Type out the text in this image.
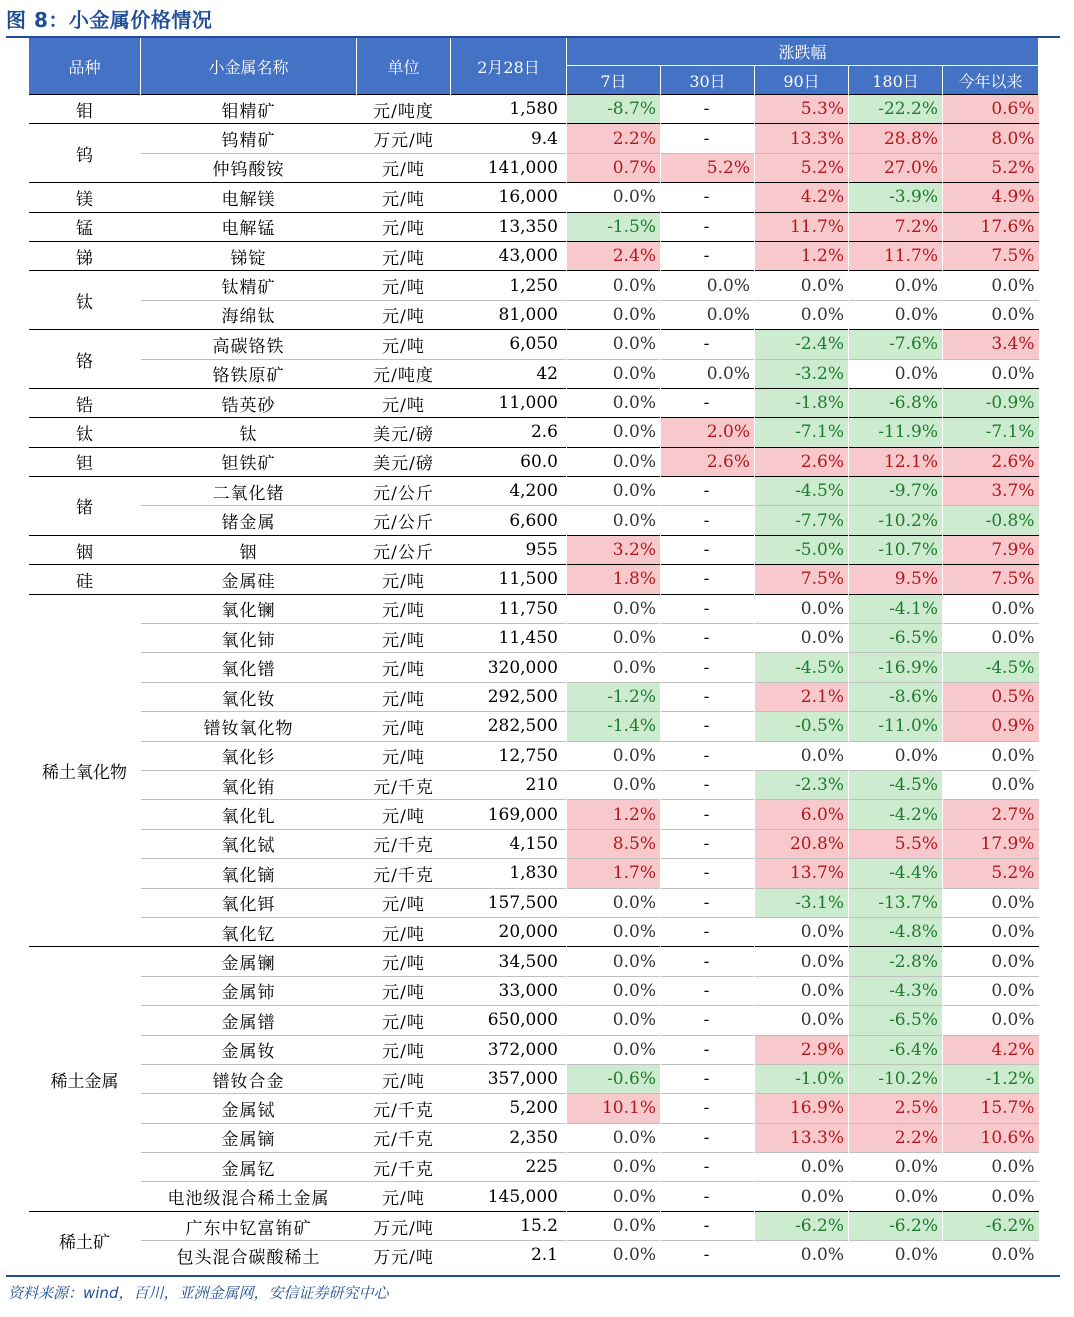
图 8：小金属价格情况
品种	小金属名称	单位	2月28日	涨跌幅				
				7日	30日	90日	180日	今年以来
钼	钼精矿	元/吨度	1,580	-8.7%	-	5.3%	-22.2%	0.6%
钨	钨精矿	万元/吨	9.4	2.2%	-	13.3%	28.8%	8.0%
	仲钨酸铵	元/吨	141,000	0.7%	5.2%	5.2%	27.0%	5.2%
镁	电解镁	元/吨	16,000	0.0%	-	4.2%	-3.9%	4.9%
锰	电解锰	元/吨	13,350	-1.5%	-	11.7%	7.2%	17.6%
锑	锑锭	元/吨	43,000	2.4%	-	1.2%	11.7%	7.5%
钛	钛精矿	元/吨	1,250	0.0%	0.0%	0.0%	0.0%	0.0%
	海绵钛	元/吨	81,000	0.0%	0.0%	0.0%	0.0%	0.0%
铬	高碳铬铁	元/吨	6,050	0.0%	-	-2.4%	-7.6%	3.4%
	铬铁原矿	元/吨度	42	0.0%	0.0%	-3.2%	0.0%	0.0%
锆	锆英砂	元/吨	11,000	0.0%	-	-1.8%	-6.8%	-0.9%
钛	钛	美元/磅	2.6	0.0%	2.0%	-7.1%	-11.9%	-7.1%
钽	钽铁矿	美元/磅	60.0	0.0%	2.6%	2.6%	12.1%	2.6%
锗	二氧化锗	元/公斤	4,200	0.0%	-	-4.5%	-9.7%	3.7%
	锗金属	元/公斤	6,600	0.0%	-	-7.7%	-10.2%	-0.8%
铟	铟	元/公斤	955	3.2%	-	-5.0%	-10.7%	7.9%
硅	金属硅	元/吨	11,500	1.8%	-	7.5%	9.5%	7.5%
稀土氧化物	氧化镧	元/吨	11,750	0.0%	-	0.0%	-4.1%	0.0%
	氧化铈	元/吨	11,450	0.0%	-	0.0%	-6.5%	0.0%
	氧化镨	元/吨	320,000	0.0%	-	-4.5%	-16.9%	-4.5%
	氧化钕	元/吨	292,500	-1.2%	-	2.1%	-8.6%	0.5%
	镨钕氧化物	元/吨	282,500	-1.4%	-	-0.5%	-11.0%	0.9%
	氧化钐	元/吨	12,750	0.0%	-	0.0%	0.0%	0.0%
	氧化铕	元/千克	210	0.0%	-	-2.3%	-4.5%	0.0%
	氧化钆	元/吨	169,000	1.2%	-	6.0%	-4.2%	2.7%
	氧化铽	元/千克	4,150	8.5%	-	20.8%	5.5%	17.9%
	氧化镝	元/千克	1,830	1.7%	-	13.7%	-4.4%	5.2%
	氧化铒	元/吨	157,500	0.0%	-	-3.1%	-13.7%	0.0%
	氧化钇	元/吨	20,000	0.0%	-	0.0%	-4.8%	0.0%
稀土金属	金属镧	元/吨	34,500	0.0%	-	0.0%	-2.8%	0.0%
	金属铈	元/吨	33,000	0.0%	-	0.0%	-4.3%	0.0%
	金属镨	元/吨	650,000	0.0%	-	0.0%	-6.5%	0.0%
	金属钕	元/吨	372,000	0.0%	-	2.9%	-6.4%	4.2%
	镨钕合金	元/吨	357,000	-0.6%	-	-1.0%	-10.2%	-1.2%
	金属铽	元/千克	5,200	10.1%	-	16.9%	2.5%	15.7%
	金属镝	元/千克	2,350	0.0%	-	13.3%	2.2%	10.6%
	金属钇	元/千克	225	0.0%	-	0.0%	0.0%	0.0%
	电池级混合稀土金属	元/吨	145,000	0.0%	-	0.0%	0.0%	0.0%
稀土矿	广东中钇富铕矿	万元/吨	15.2	0.0%	-	-6.2%	-6.2%	-6.2%
	包头混合碳酸稀土	万元/吨	2.1	0.0%	-	0.0%	0.0%	0.0%
资料来源：wind，百川，亚洲金属网，安信证券研究中心
